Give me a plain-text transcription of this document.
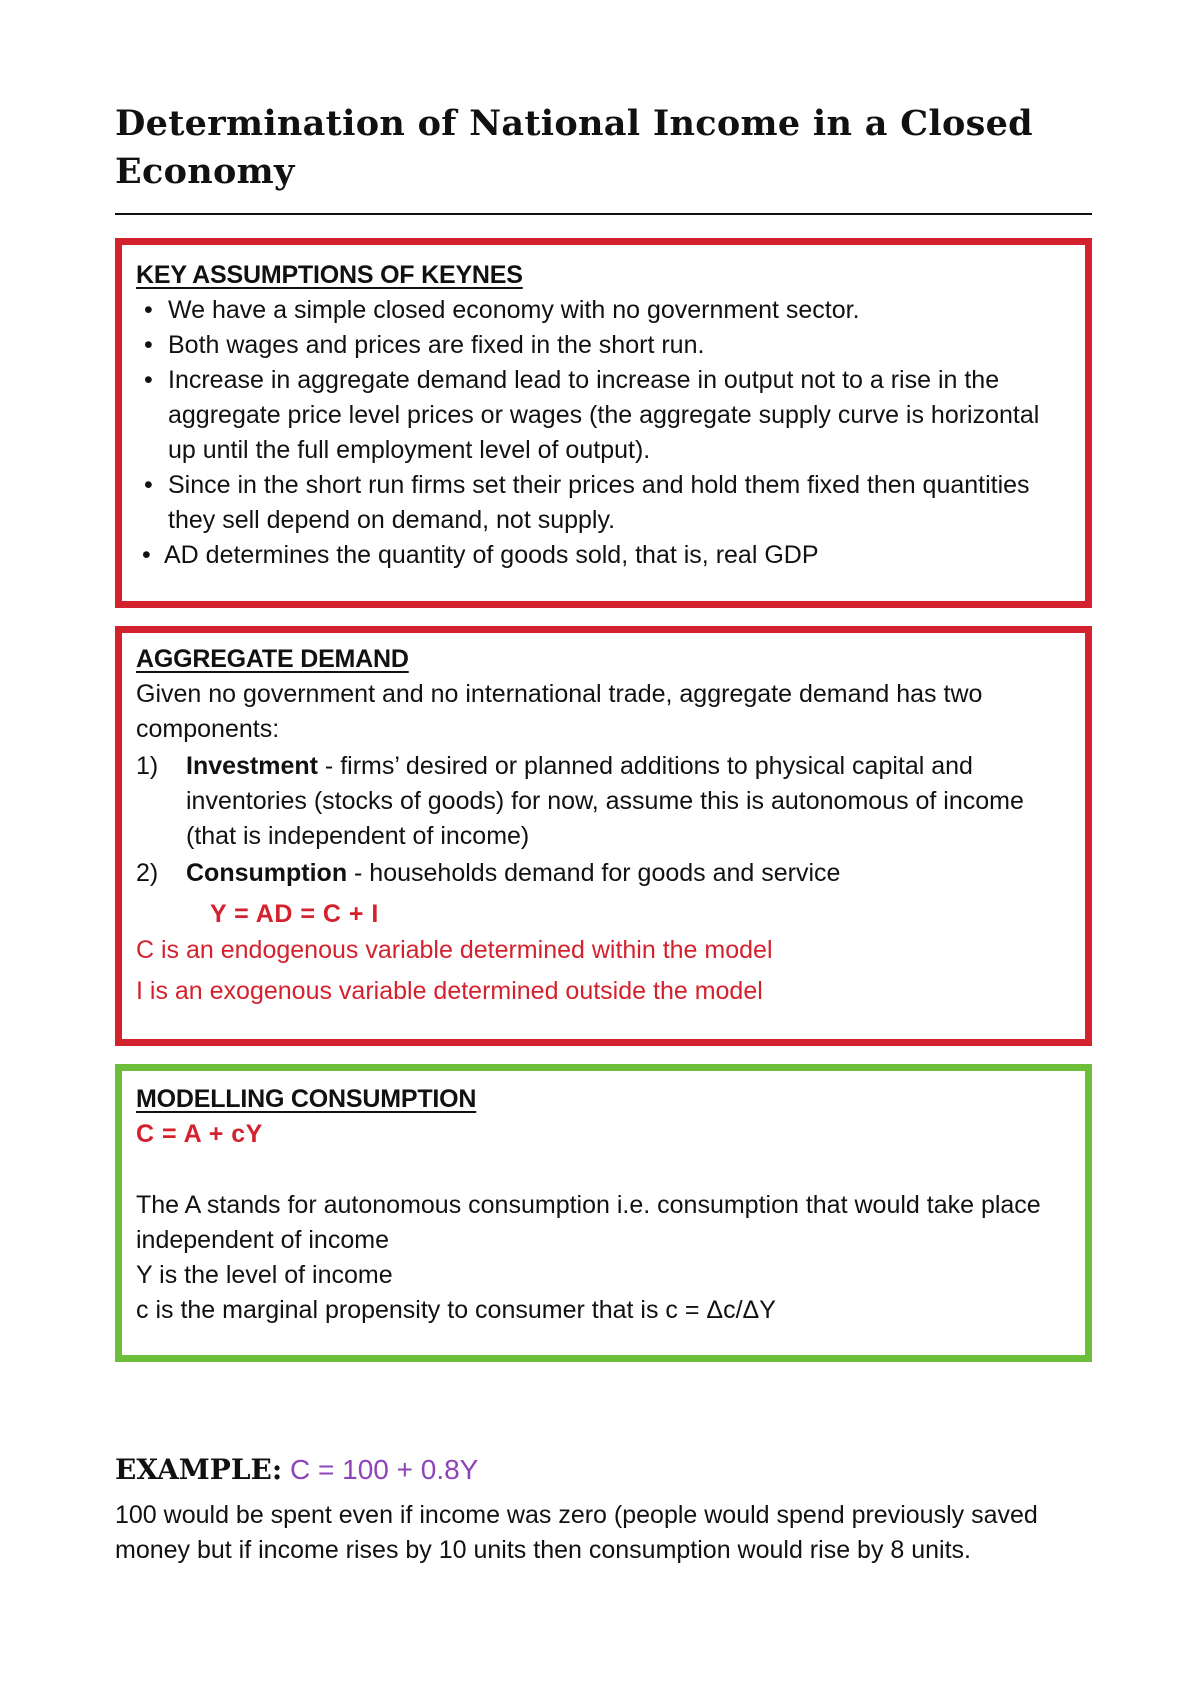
Determination of National Income in a Closed Economy
KEY ASSUMPTIONS OF KEYNES
• We have a simple closed economy with no government sector.
• Both wages and prices are fixed in the short run.
• Increase in aggregate demand lead to increase in output not to a rise in the aggregate price level prices or wages (the aggregate supply curve is horizontal up until the full employment level of output).
• Since in the short run firms set their prices and hold them fixed then quantities they sell depend on demand, not supply.
• AD determines the quantity of goods sold, that is, real GDP
AGGREGATE DEMAND
Given no government and no international trade, aggregate demand has two components:
1) Investment - firms’ desired or planned additions to physical capital and inventories (stocks of goods) for now, assume this is autonomous of income (that is independent of income)
2) Consumption - households demand for goods and service
Y = AD = C + I
C is an endogenous variable determined within the model
I is an exogenous variable determined outside the model
MODELLING CONSUMPTION
C = A + cY
The A stands for autonomous consumption i.e. consumption that would take place independent of income
Y is the level of income
c is the marginal propensity to consumer that is c = Δc/ΔY
EXAMPLE: C = 100 + 0.8Y
100 would be spent even if income was zero (people would spend previously saved money but if income rises by 10 units then consumption would rise by 8 units.
